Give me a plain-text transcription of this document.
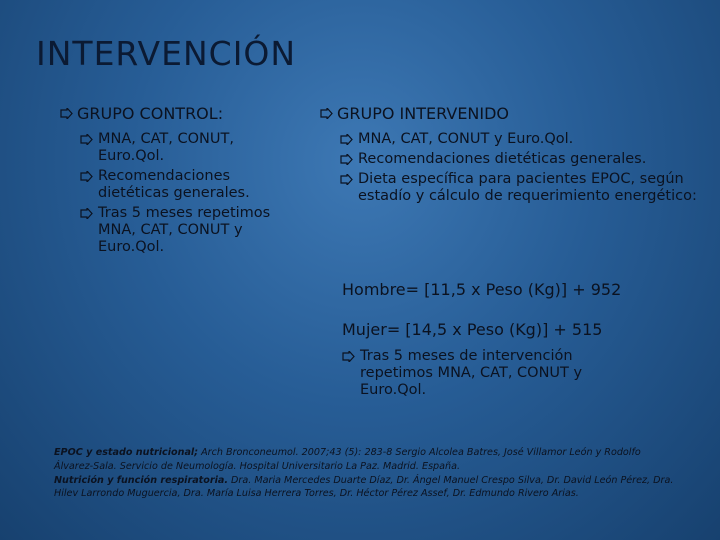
INTERVENCIÓN
GRUPO CONTROL:
MNA, CAT, CONUT, Euro.Qol.
Recomendaciones dietéticas generales.
Tras 5 meses repetimos MNA, CAT, CONUT y Euro.Qol.
GRUPO INTERVENIDO
MNA, CAT, CONUT y Euro.Qol.
Recomendaciones dietéticas generales.
Dieta específica para pacientes EPOC, según estadío y cálculo de requerimiento energético:
Hombre= [11,5 x Peso (Kg)] + 952
Mujer= [14,5 x Peso (Kg)] + 515
Tras 5 meses de intervención repetimos MNA, CAT, CONUT y Euro.Qol.
EPOC y estado nutricional; Arch Bronconeumol. 2007;43 (5): 283-8 Sergio Alcolea Batres, José Villamor León y Rodolfo Álvarez-Sala. Servicio de Neumología. Hospital Universitario La Paz. Madrid. España.
Nutrición y función respiratoria. Dra. Maria Mercedes Duarte Díaz, Dr. Ángel Manuel Crespo Silva, Dr. David León Pérez, Dra. Hilev Larrondo Muguercia, Dra. María Luisa Herrera Torres, Dr. Héctor Pérez Assef, Dr. Edmundo Rivero Arias.
